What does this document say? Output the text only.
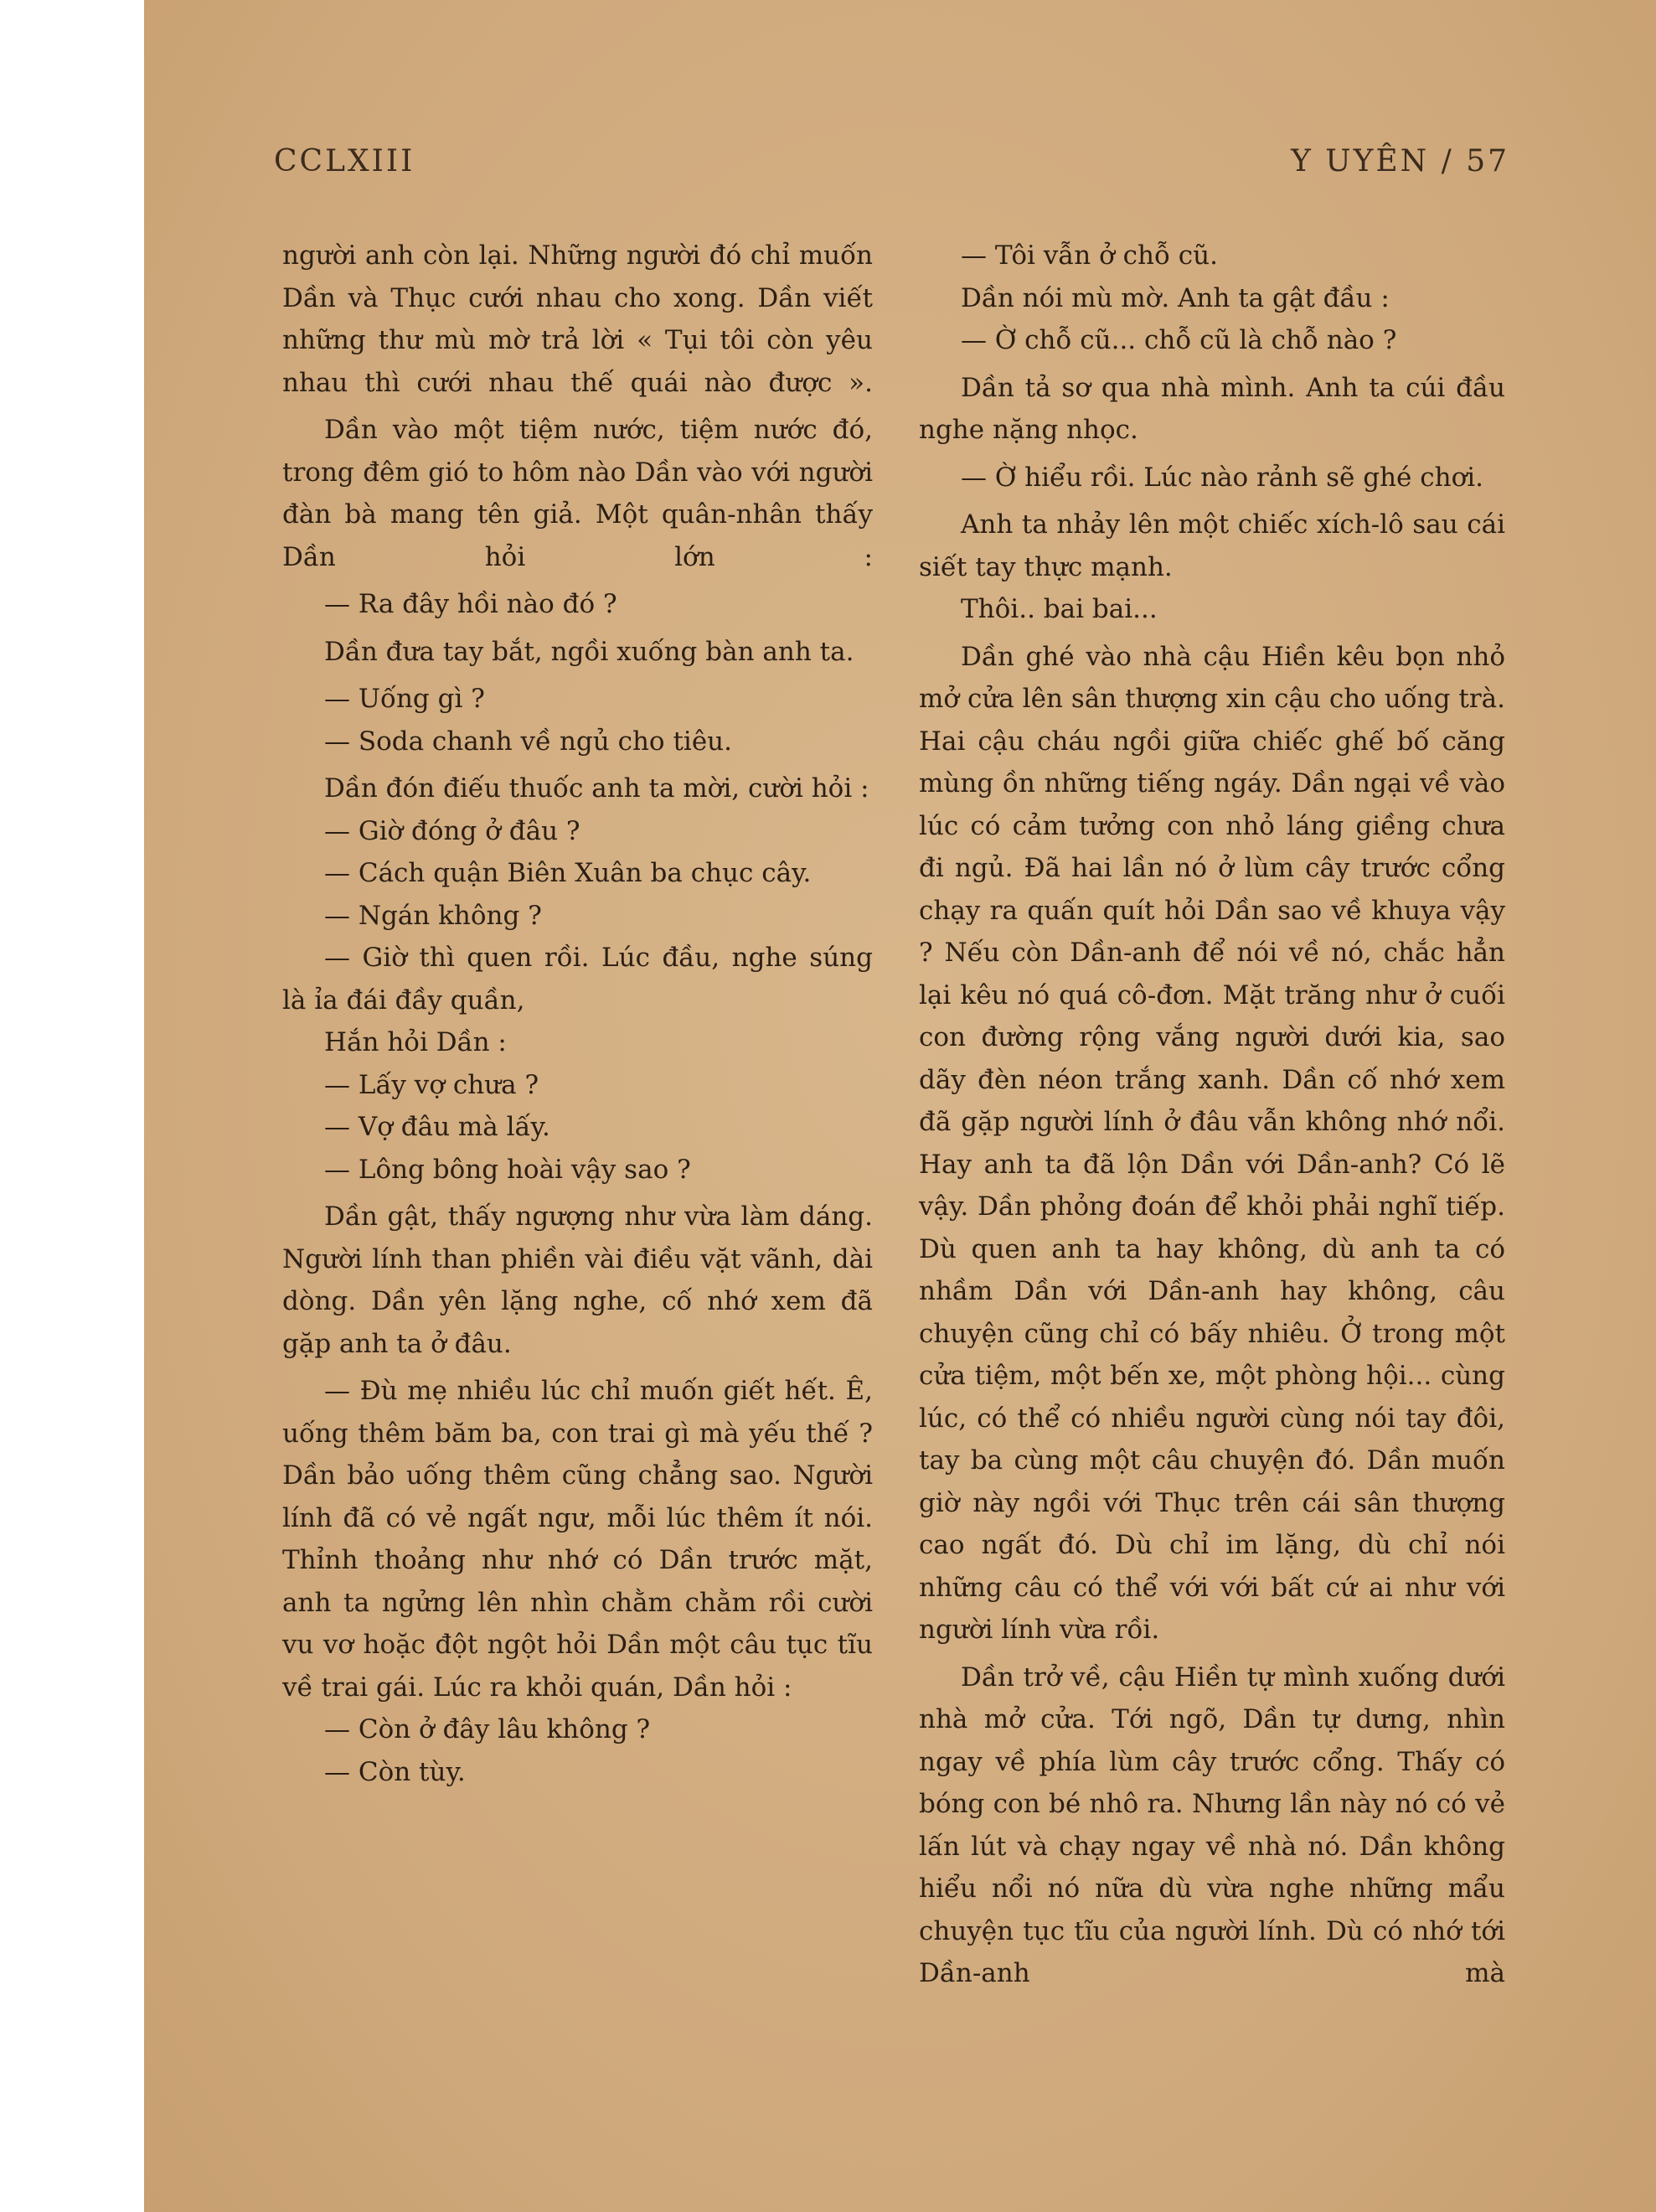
CCLXIII	Y UYÊN / 57

người anh còn lại. Những người đó chỉ muốn Dần và Thục cưới nhau cho xong. Dần viết những thư mù mờ trả lời « Tụi tôi còn yêu nhau thì cưới nhau thế quái nào được ».

Dần vào một tiệm nước, tiệm nước đó, trong đêm gió to hôm nào Dần vào với người đàn bà mang tên giả. Một quân-nhân thấy Dần hỏi lớn :

— Ra đây hồi nào đó ?

Dần đưa tay bắt, ngồi xuống bàn anh ta.

— Uống gì ?

— Soda chanh về ngủ cho tiêu.

Dần đón điếu thuốc anh ta mời, cười hỏi :

— Giờ đóng ở đâu ?

— Cách quận Biên Xuân ba chục cây.

— Ngán không ?

— Giờ thì quen rồi. Lúc đầu, nghe súng là ỉa đái đầy quần,

Hắn hỏi Dần :

— Lấy vợ chưa ?

— Vợ đâu mà lấy.

— Lông bông hoài vậy sao ?

Dần gật, thấy ngượng như vừa làm dáng. Người lính than phiền vài điều vặt vãnh, dài dòng. Dần yên lặng nghe, cố nhớ xem đã gặp anh ta ở đâu.

— Đù mẹ nhiều lúc chỉ muốn giết hết. Ê, uống thêm băm ba, con trai gì mà yếu thế ? Dần bảo uống thêm cũng chẳng sao. Người lính đã có vẻ ngất ngư, mỗi lúc thêm ít nói. Thỉnh thoảng như nhớ có Dần trước mặt, anh ta ngửng lên nhìn chằm chằm rồi cười vu vơ hoặc đột ngột hỏi Dần một câu tục tĩu về trai gái. Lúc ra khỏi quán, Dần hỏi :

— Còn ở đây lâu không ?

— Còn tùy.

— Tôi vẫn ở chỗ cũ.

Dần nói mù mờ. Anh ta gật đầu :

— Ờ chỗ cũ... chỗ cũ là chỗ nào ?

Dần tả sơ qua nhà mình. Anh ta cúi đầu nghe nặng nhọc.

— Ờ hiểu rồi. Lúc nào rảnh sẽ ghé chơi.

Anh ta nhảy lên một chiếc xích-lô sau cái siết tay thực mạnh.

Thôi.. bai bai...

Dần ghé vào nhà cậu Hiền kêu bọn nhỏ mở cửa lên sân thượng xin cậu cho uống trà. Hai cậu cháu ngồi giữa chiếc ghế bố căng mùng ồn những tiếng ngáy. Dần ngại về vào lúc có cảm tưởng con nhỏ láng giềng chưa đi ngủ. Đã hai lần nó ở lùm cây trước cổng chạy ra quấn quít hỏi Dần sao về khuya vậy ? Nếu còn Dần-anh để nói về nó, chắc hẳn lại kêu nó quá cô-đơn. Mặt trăng như ở cuối con đường rộng vắng người dưới kia, sao dãy đèn néon trắng xanh. Dần cố nhớ xem đã gặp người lính ở đâu vẫn không nhớ nổi. Hay anh ta đã lộn Dần với Dần-anh? Có lẽ vậy. Dần phỏng đoán để khỏi phải nghĩ tiếp. Dù quen anh ta hay không, dù anh ta có nhầm Dần với Dần-anh hay không, câu chuyện cũng chỉ có bấy nhiêu. Ở trong một cửa tiệm, một bến xe, một phòng hội... cùng lúc, có thể có nhiều người cùng nói tay đôi, tay ba cùng một câu chuyện đó. Dần muốn giờ này ngồi với Thục trên cái sân thượng cao ngất đó. Dù chỉ im lặng, dù chỉ nói những câu có thể với với bất cứ ai như với người lính vừa rồi.

Dần trở về, cậu Hiền tự mình xuống dưới nhà mở cửa. Tới ngõ, Dần tự dưng, nhìn ngay về phía lùm cây trước cổng. Thấy có bóng con bé nhô ra. Nhưng lần này nó có vẻ lấn lút và chạy ngay về nhà nó. Dần không hiểu nổi nó nữa dù vừa nghe những mẩu chuyện tục tĩu của người lính. Dù có nhớ tới Dần-anh mà
